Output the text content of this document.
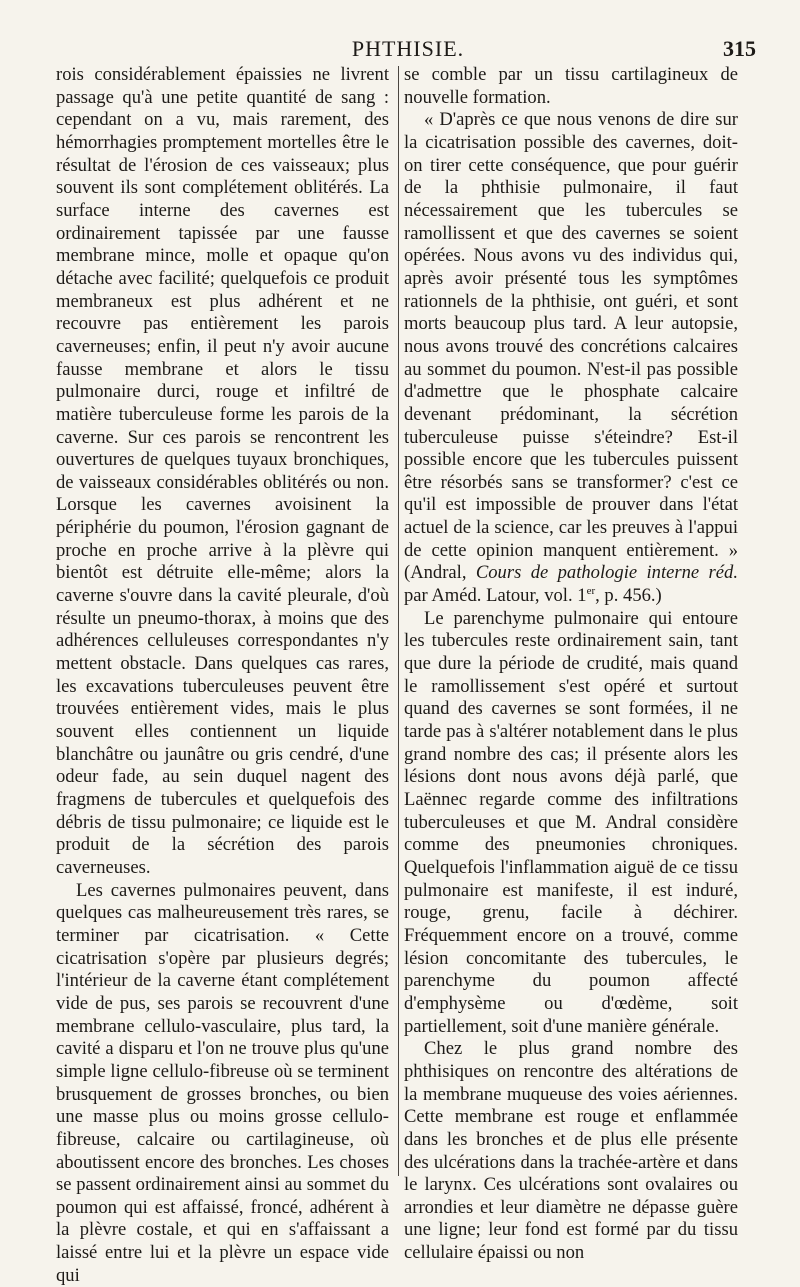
PHTHISIE.	315

rois considérablement épaissies ne livrent passage qu'à une petite quantité de sang : cependant on a vu, mais rarement, des hémorrhagies promptement mortelles être le résultat de l'érosion de ces vaisseaux; plus souvent ils sont complétement oblitérés. La surface interne des cavernes est ordinairement tapissée par une fausse membrane mince, molle et opaque qu'on détache avec facilité; quelquefois ce produit membraneux est plus adhérent et ne recouvre pas entièrement les parois caverneuses; enfin, il peut n'y avoir aucune fausse membrane et alors le tissu pulmonaire durci, rouge et infiltré de matière tuberculeuse forme les parois de la caverne. Sur ces parois se rencontrent les ouvertures de quelques tuyaux bronchiques, de vaisseaux considérables oblitérés ou non. Lorsque les cavernes avoisinent la périphérie du poumon, l'érosion gagnant de proche en proche arrive à la plèvre qui bientôt est détruite elle-même; alors la caverne s'ouvre dans la cavité pleurale, d'où résulte un pneumo-thorax, à moins que des adhérences celluleuses correspondantes n'y mettent obstacle. Dans quelques cas rares, les excavations tuberculeuses peuvent être trouvées entièrement vides, mais le plus souvent elles contiennent un liquide blanchâtre ou jaunâtre ou gris cendré, d'une odeur fade, au sein duquel nagent des fragmens de tubercules et quelquefois des débris de tissu pulmonaire; ce liquide est le produit de la sécrétion des parois caverneuses.

Les cavernes pulmonaires peuvent, dans quelques cas malheureusement très rares, se terminer par cicatrisation. « Cette cicatrisation s'opère par plusieurs degrés; l'intérieur de la caverne étant complétement vide de pus, ses parois se recouvrent d'une membrane cellulo-vasculaire, plus tard, la cavité a disparu et l'on ne trouve plus qu'une simple ligne cellulo-fibreuse où se terminent brusquement de grosses bronches, ou bien une masse plus ou moins grosse cellulo-fibreuse, calcaire ou cartilagineuse, où aboutissent encore des bronches. Les choses se passent ordinairement ainsi au sommet du poumon qui est affaissé, froncé, adhérent à la plèvre costale, et qui en s'affaissant a laissé entre lui et la plèvre un espace vide qui

se comble par un tissu cartilagineux de nouvelle formation.

« D'après ce que nous venons de dire sur la cicatrisation possible des cavernes, doit-on tirer cette conséquence, que pour guérir de la phthisie pulmonaire, il faut nécessairement que les tubercules se ramollissent et que des cavernes se soient opérées. Nous avons vu des individus qui, après avoir présenté tous les symptômes rationnels de la phthisie, ont guéri, et sont morts beaucoup plus tard. A leur autopsie, nous avons trouvé des concrétions calcaires au sommet du poumon. N'est-il pas possible d'admettre que le phosphate calcaire devenant prédominant, la sécrétion tuberculeuse puisse s'éteindre? Est-il possible encore que les tubercules puissent être résorbés sans se transformer? c'est ce qu'il est impossible de prouver dans l'état actuel de la science, car les preuves à l'appui de cette opinion manquent entièrement. » (Andral, Cours de pathologie interne réd. par Améd. Latour, vol. 1er, p. 456.)

Le parenchyme pulmonaire qui entoure les tubercules reste ordinairement sain, tant que dure la période de crudité, mais quand le ramollissement s'est opéré et surtout quand des cavernes se sont formées, il ne tarde pas à s'altérer notablement dans le plus grand nombre des cas; il présente alors les lésions dont nous avons déjà parlé, que Laënnec regarde comme des infiltrations tuberculeuses et que M. Andral considère comme des pneumonies chroniques. Quelquefois l'inflammation aiguë de ce tissu pulmonaire est manifeste, il est induré, rouge, grenu, facile à déchirer. Fréquemment encore on a trouvé, comme lésion concomitante des tubercules, le parenchyme du poumon affecté d'emphysème ou d'œdème, soit partiellement, soit d'une manière générale.

Chez le plus grand nombre des phthisiques on rencontre des altérations de la membrane muqueuse des voies aériennes. Cette membrane est rouge et enflammée dans les bronches et de plus elle présente des ulcérations dans la trachée-artère et dans le larynx. Ces ulcérations sont ovalaires ou arrondies et leur diamètre ne dépasse guère une ligne; leur fond est formé par du tissu cellulaire épaissi ou non
